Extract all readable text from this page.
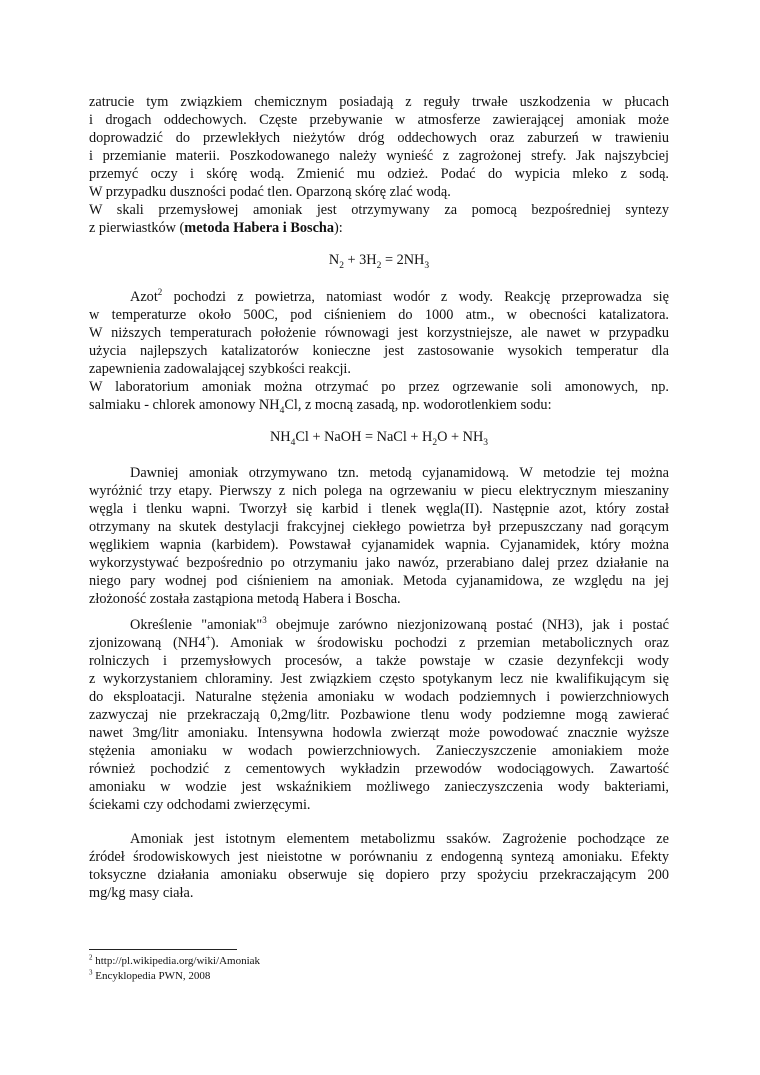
zatrucie tym związkiem chemicznym posiadają z reguły trwałe uszkodzenia w płucach
i drogach oddechowych. Częste przebywanie w atmosferze zawierającej amoniak może
doprowadzić do przewlekłych nieżytów dróg oddechowych oraz zaburzeń w trawieniu
i przemianie materii. Poszkodowanego należy wynieść z zagrożonej strefy. Jak najszybciej
przemyć oczy i skórę wodą. Zmienić mu odzież. Podać do wypicia mleko z sodą.
W przypadku duszności podać tlen. Oparzoną skórę zlać wodą.
W skali przemysłowej amoniak jest otrzymywany za pomocą bezpośredniej syntezy
z pierwiastków (metoda Habera i Boscha):
$N_2 + 3H_2 = 2NH_3$
Azot$^2$ pochodzi z powietrza, natomiast wodór z wody. Reakcję przeprowadza się
w temperaturze około 500C, pod ciśnieniem do 1000 atm., w obecności katalizatora.
W niższych temperaturach położenie równowagi jest korzystniejsze, ale nawet w przypadku
użycia najlepszych katalizatorów konieczne jest zastosowanie wysokich temperatur dla
zapewnienia zadowalającej szybkości reakcji.
W laboratorium amoniak można otrzymać po przez ogrzewanie soli amonowych, np.
salmiaku - chlorek amonowy $NH_4Cl$, z mocną zasadą, np. wodorotlenkiem sodu:
$NH_4Cl$ + NaOH = NaCl + $H_2O + NH_3$
Dawniej amoniak otrzymywano tzn. metodą cyjanamidową. W metodzie tej można
wyróżnić trzy etapy. Pierwszy z nich polega na ogrzewaniu w piecu elektrycznym mieszaniny
węgla i tlenku wapni. Tworzył się karbid i tlenek węgla(II). Następnie azot, który został
otrzymany na skutek destylacji frakcyjnej ciekłego powietrza był przepuszczany nad gorącym
węglikiem wapnia (karbidem). Powstawał cyjanamidek wapnia. Cyjanamidek, który można
wykorzystywać bezpośrednio po otrzymaniu jako nawóz, przerabiano dalej przez działanie na
niego pary wodnej pod ciśnieniem na amoniak. Metoda cyjanamidowa, ze względu na jej
złożoność została zastąpiona metodą Habera i Boscha.
Określenie "amoniak"$^3$ obejmuje zarówno niezjonizowaną postać (NH3), jak i postać
zjonizowaną (NH4+). Amoniak w środowisku pochodzi z przemian metabolicznych oraz
rolniczych i przemysłowych procesów, a także powstaje w czasie dezynfekcji wody
z wykorzystaniem chloraminy. Jest związkiem często spotykanym lecz nie kwalifikującym się
do eksploatacji. Naturalne stężenia amoniaku w wodach podziemnych i powierzchniowych
zazwyczaj nie przekraczają 0,2mg/litr. Pozbawione tlenu wody podziemne mogą zawierać
nawet 3mg/litr amoniaku. Intensywna hodowla zwierząt może powodować znacznie wyższe
stężenia amoniaku w wodach powierzchniowych. Zanieczyszczenie amoniakiem może
również pochodzić z cementowych wykładzin przewodów wodociągowych. Zawartość
amoniaku w wodzie jest wskaźnikiem możliwego zanieczyszczenia wody bakteriami,
ściekami czy odchodami zwierzęcymi.
Amoniak jest istotnym elementem metabolizmu ssaków. Zagrożenie pochodzące ze
źródeł środowiskowych jest nieistotne w porównaniu z endogenną syntezą amoniaku. Efekty
toksyczne działania amoniaku obserwuje się dopiero przy spożyciu przekraczającym 200
mg/kg masy ciała.
$^2$ http://pl.wikipedia.org/wiki/Amoniak
$^3$ Encyklopedia PWN, 2008
